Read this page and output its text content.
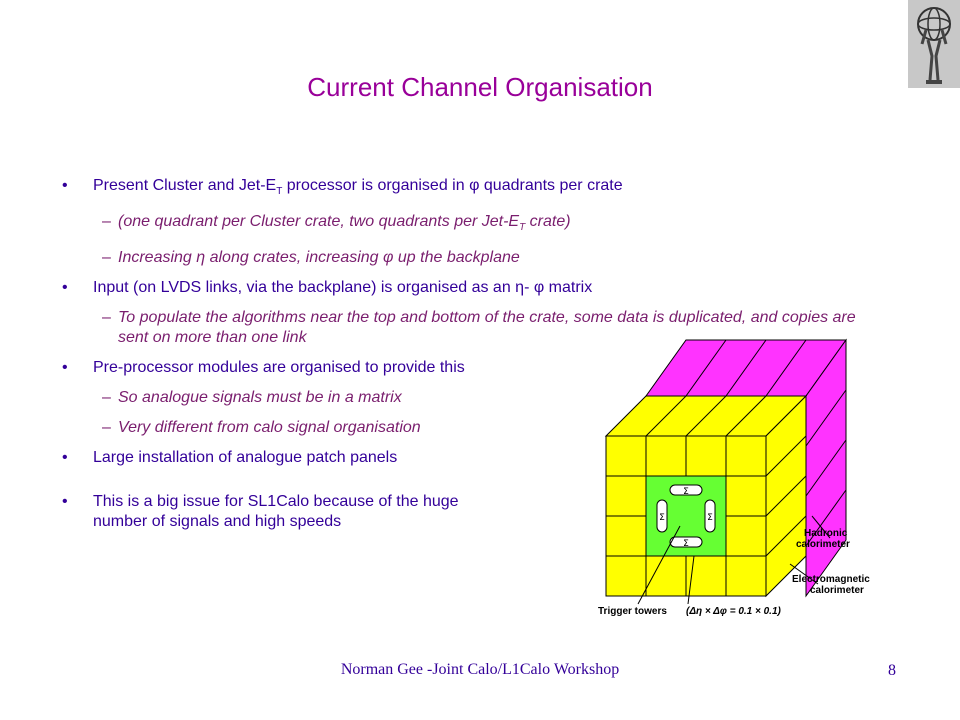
Current Channel Organisation
• Present Cluster and Jet-$E_T$ processor is organised in φ quadrants per crate
– (one quadrant per Cluster crate, two quadrants per Jet-$E_T$ crate)
– Increasing η along crates, increasing φ up the backplane
• Input (on LVDS links, via the backplane) is organised as an η- φ matrix
– To populate the algorithms near the top and bottom of the crate, some data is duplicated, and copies are sent on more than one link
• Pre-processor modules are organised to provide this
– So analogue signals must be in a matrix
– Very different from calo signal organisation
• Large installation of analogue patch panels
• This is a big issue for SL1Calo because of the huge number of signals and high speeds
Σ
Σ
Σ	Σ
Hadronic calorimeter
Electromagnetic calorimeter
Trigger towers (Δη × Δφ = 0.1 × 0.1)
Norman Gee -Joint Calo/L1Calo Workshop	8
